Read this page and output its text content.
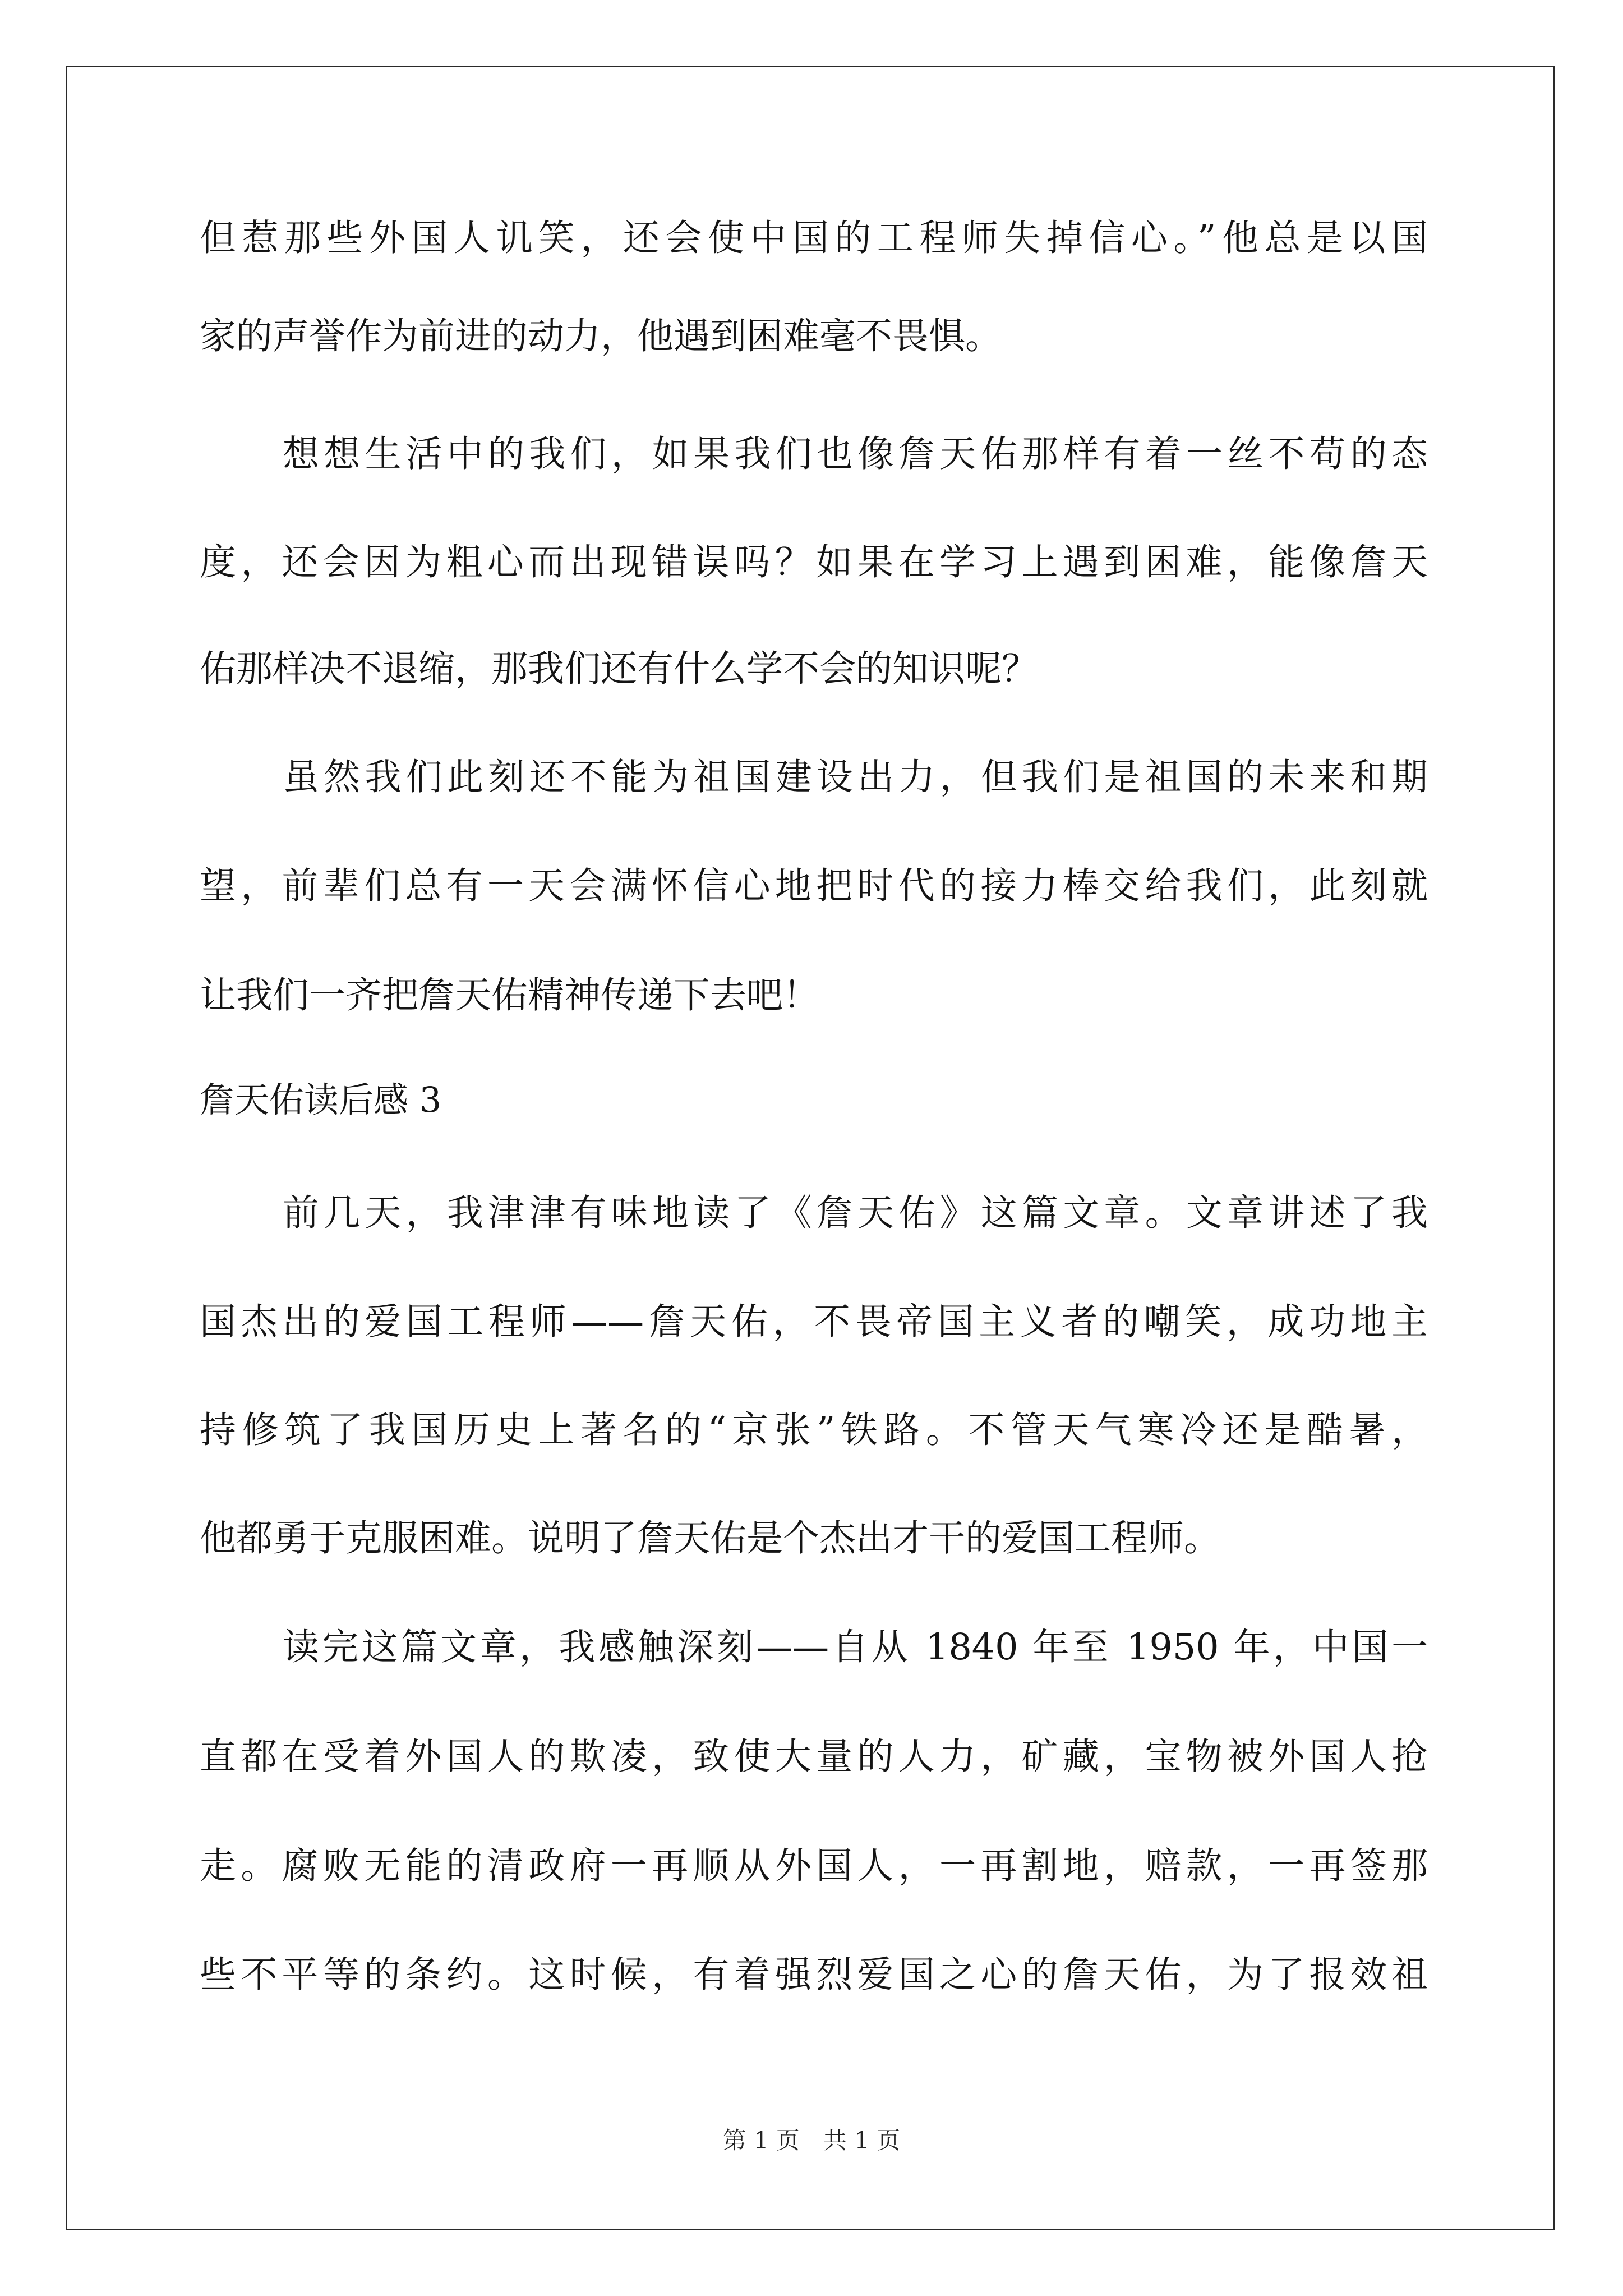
但惹那些外国人讥笑，还会使中国的工程师失掉信心。”他总是以国
家的声誉作为前进的动力，他遇到困难毫不畏惧。
想想生活中的我们，如果我们也像詹天佑那样有着一丝不苟的态
度，还会因为粗心而出现错误吗？如果在学习上遇到困难，能像詹天
佑那样决不退缩，那我们还有什么学不会的知识呢？
虽然我们此刻还不能为祖国建设出力，但我们是祖国的未来和期
望，前辈们总有一天会满怀信心地把时代的接力棒交给我们，此刻就
让我们一齐把詹天佑精神传递下去吧！
詹天佑读后感 3
前几天，我津津有味地读了《詹天佑》这篇文章。文章讲述了我
国杰出的爱国工程师——詹天佑，不畏帝国主义者的嘲笑，成功地主
持修筑了我国历史上著名的“京张”铁路。不管天气寒冷还是酷暑，
他都勇于克服困难。说明了詹天佑是个杰出才干的爱国工程师。
读完这篇文章，我感触深刻——自从 1840 年至 1950 年，中国一
直都在受着外国人的欺凌，致使大量的人力，矿藏，宝物被外国人抢
走。腐败无能的清政府一再顺从外国人，一再割地，赔款，一再签那
些不平等的条约。这时候，有着强烈爱国之心的詹天佑，为了报效祖
第 1 页　共 1 页
